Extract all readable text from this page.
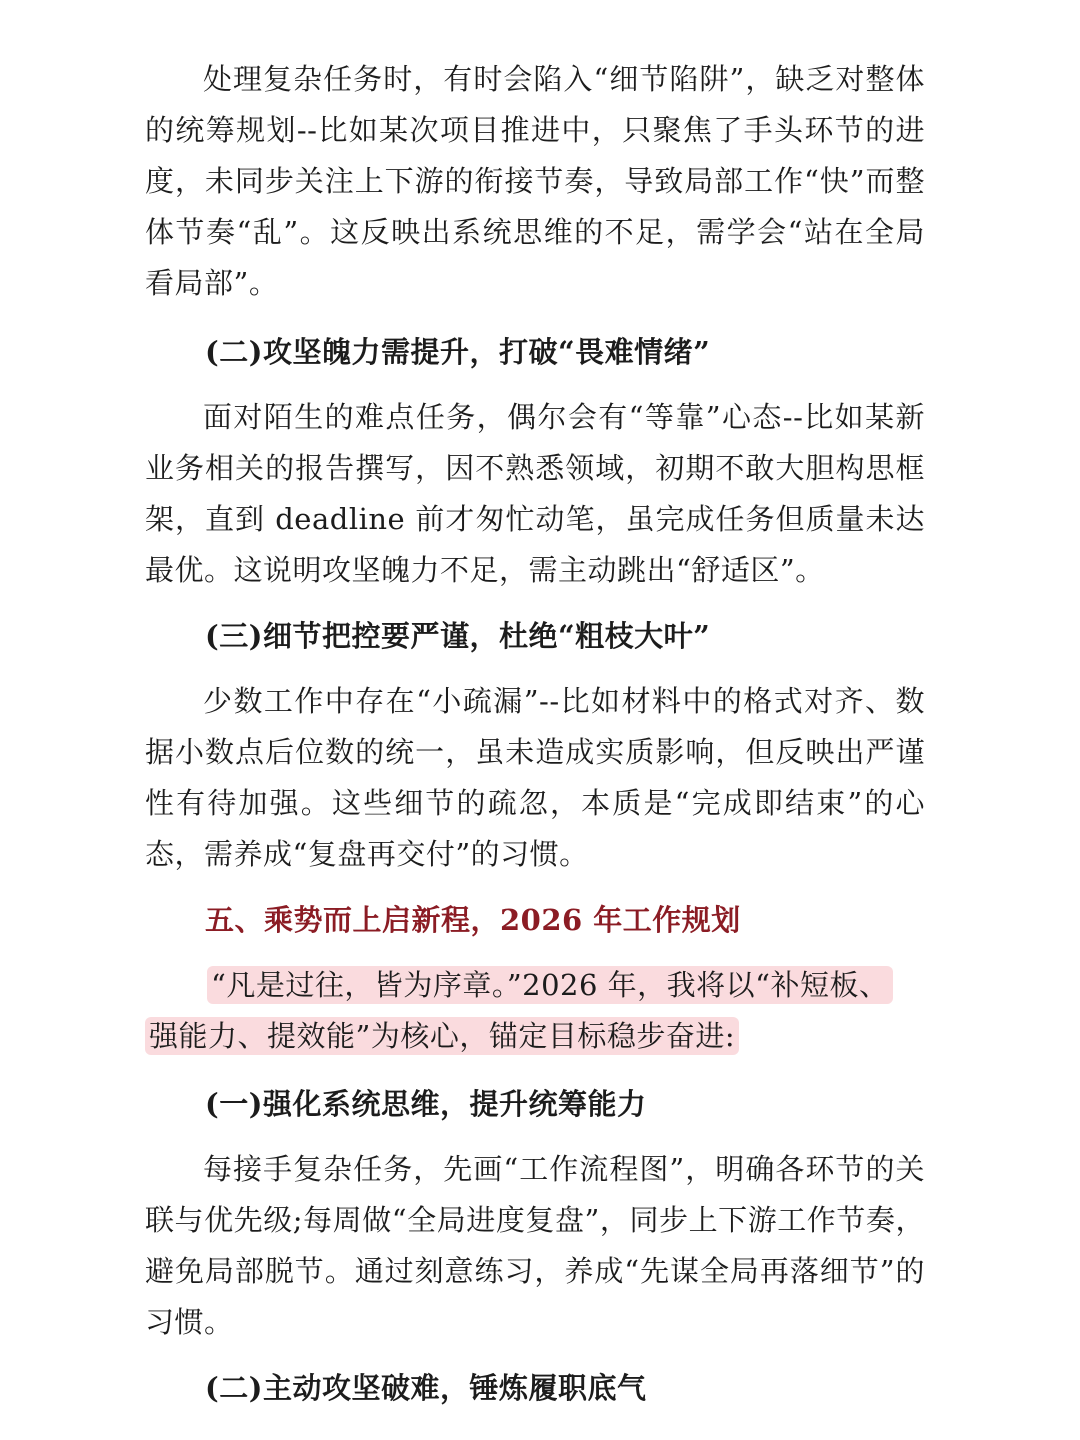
处理复杂任务时，有时会陷入“细节陷阱”，缺乏对整体的统筹规划--比如某次项目推进中，只聚焦了手头环节的进度，未同步关注上下游的衔接节奏，导致局部工作“快”而整体节奏“乱”。这反映出系统思维的不足，需学会“站在全局看局部”。

(二)攻坚魄力需提升，打破“畏难情绪”

面对陌生的难点任务，偶尔会有“等靠”心态--比如某新业务相关的报告撰写，因不熟悉领域，初期不敢大胆构思框架，直到 deadline 前才匆忙动笔，虽完成任务但质量未达最优。这说明攻坚魄力不足，需主动跳出“舒适区”。

(三)细节把控要严谨，杜绝“粗枝大叶”

少数工作中存在“小疏漏”--比如材料中的格式对齐、数据小数点后位数的统一，虽未造成实质影响，但反映出严谨性有待加强。这些细节的疏忽，本质是“完成即结束”的心态，需养成“复盘再交付”的习惯。

五、乘势而上启新程，2026 年工作规划

“凡是过往，皆为序章。”2026 年，我将以“补短板、
强能力、提效能”为核心，锚定目标稳步奋进:

(一)强化系统思维，提升统筹能力

每接手复杂任务，先画“工作流程图”，明确各环节的关联与优先级;每周做“全局进度复盘”，同步上下游工作节奏，避免局部脱节。通过刻意练习，养成“先谋全局再落细节”的习惯。

(二)主动攻坚破难，锤炼履职底气
